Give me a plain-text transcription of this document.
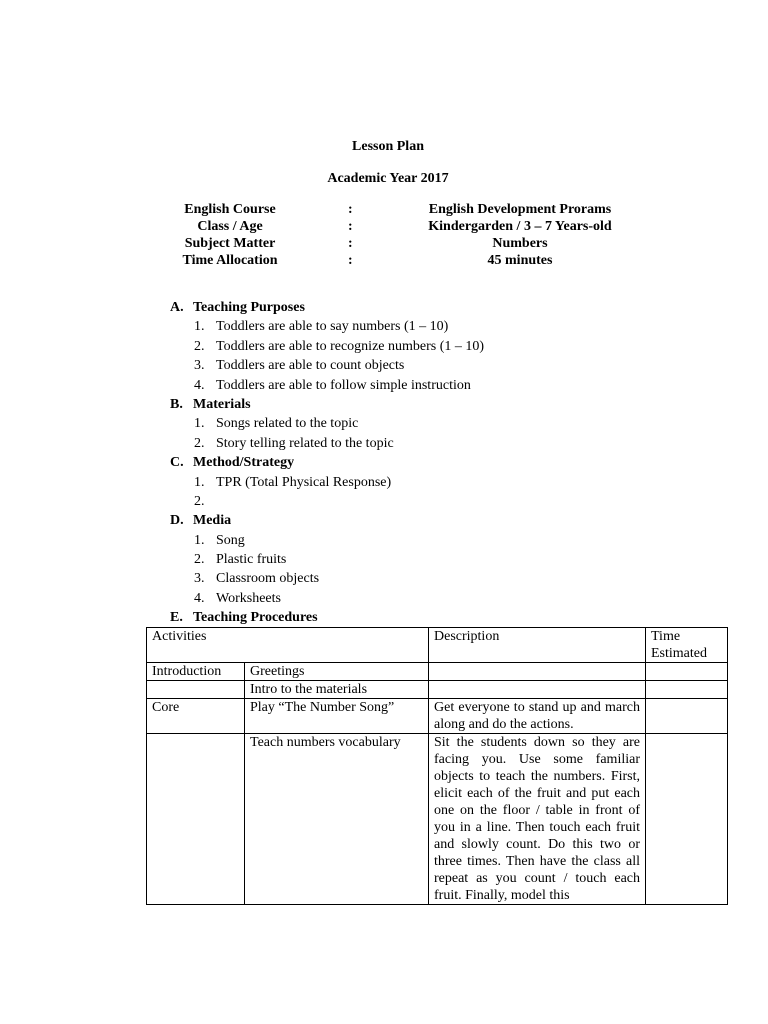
Lesson Plan
Academic Year 2017
English Course	:	English Development Prorams
Class / Age	:	Kindergarden / 3 – 7 Years-old
Subject Matter	:	Numbers
Time Allocation	:	45 minutes
A. Teaching Purposes
1. Toddlers are able to say numbers (1 – 10)
2. Toddlers are able to recognize numbers (1 – 10)
3. Toddlers are able to count objects
4. Toddlers are able to follow simple instruction
B. Materials
1. Songs related to the topic
2. Story telling related to the topic
C. Method/Strategy
1. TPR (Total Physical Response)
2.
D. Media
1. Song
2. Plastic fruits
3. Classroom objects
4. Worksheets
E. Teaching Procedures
Activities		Description	Time Estimated
Introduction	Greetings		
	Intro to the materials		
Core	Play “The Number Song”	Get everyone to stand up and march along and do the actions.	
	Teach numbers vocabulary	Sit the students down so they are facing you. Use some familiar objects to teach the numbers. First, elicit each of the fruit and put each one on the floor / table in front of you in a line. Then touch each fruit and slowly count. Do this two or three times. Then have the class all repeat as you count / touch each fruit. Finally, model this	
